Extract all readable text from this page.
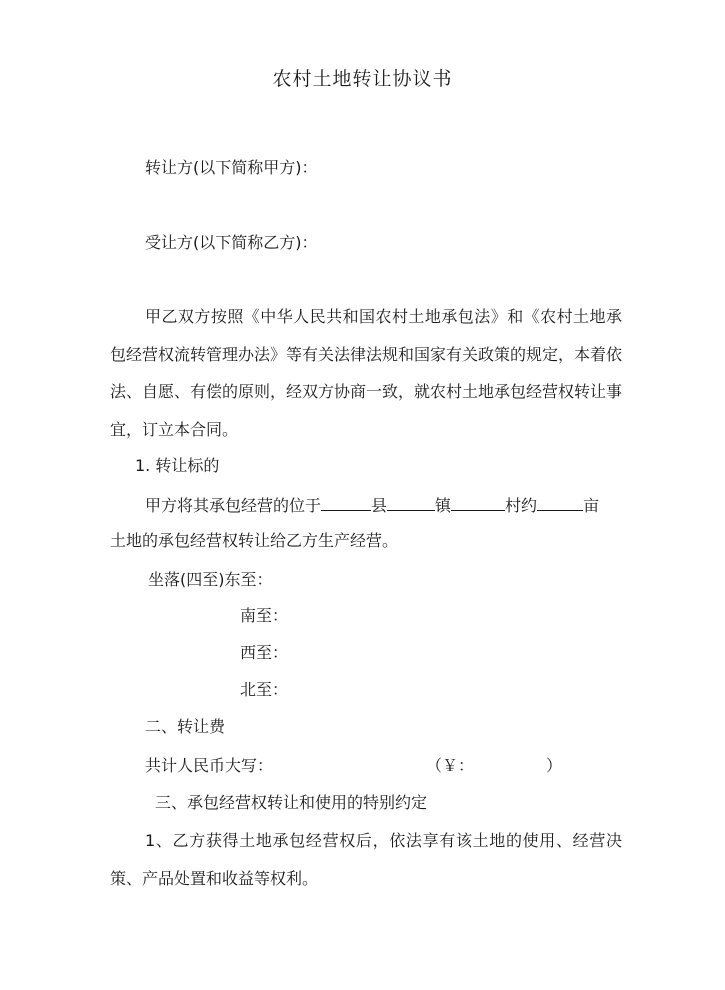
农村土地转让协议书
转让方(以下简称甲方)：
受让方(以下简称乙方)：
甲乙双方按照《中华人民共和国农村土地承包法》和《农村土地承包经营权流转管理办法》等有关法律法规和国家有关政策的规定，本着依法、自愿、有偿的原则，经双方协商一致，就农村土地承包经营权转让事宜，订立本合同。
1. 转让标的
甲方将其承包经营的位于	县	镇	村约	亩
土地的承包经营权转让给乙方生产经营。
坐落(四至)东至：
南至：
西至：
北至：
二、转让费
共计人民币大写：	（￥：	）
三、承包经营权转让和使用的特别约定
1、乙方获得土地承包经营权后，依法享有该土地的使用、经营决策、产品处置和收益等权利。
